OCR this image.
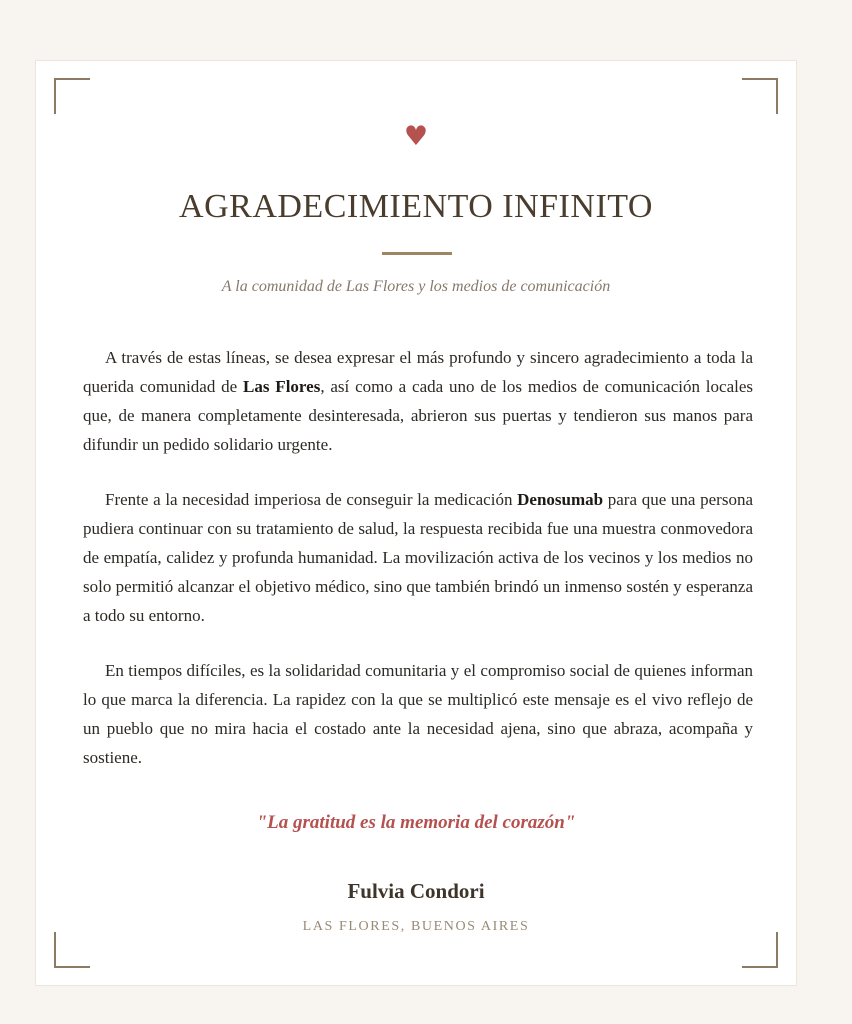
♥
AGRADECIMIENTO INFINITO
A la comunidad de Las Flores y los medios de comunicación

A través de estas líneas, se desea expresar el más profundo y sincero agradecimiento a toda la querida comunidad de Las Flores, así como a cada uno de los medios de comunicación locales que, de manera completamente desinteresada, abrieron sus puertas y tendieron sus manos para difundir un pedido solidario urgente.

Frente a la necesidad imperiosa de conseguir la medicación Denosumab para que una persona pudiera continuar con su tratamiento de salud, la respuesta recibida fue una muestra conmovedora de empatía, calidez y profunda humanidad. La movilización activa de los vecinos y los medios no solo permitió alcanzar el objetivo médico, sino que también brindó un inmenso sostén y esperanza a todo su entorno.

En tiempos difíciles, es la solidaridad comunitaria y el compromiso social de quienes informan lo que marca la diferencia. La rapidez con la que se multiplicó este mensaje es el vivo reflejo de un pueblo que no mira hacia el costado ante la necesidad ajena, sino que abraza, acompaña y sostiene.

"La gratitud es la memoria del corazón"
Fulvia Condori
LAS FLORES, BUENOS AIRES
